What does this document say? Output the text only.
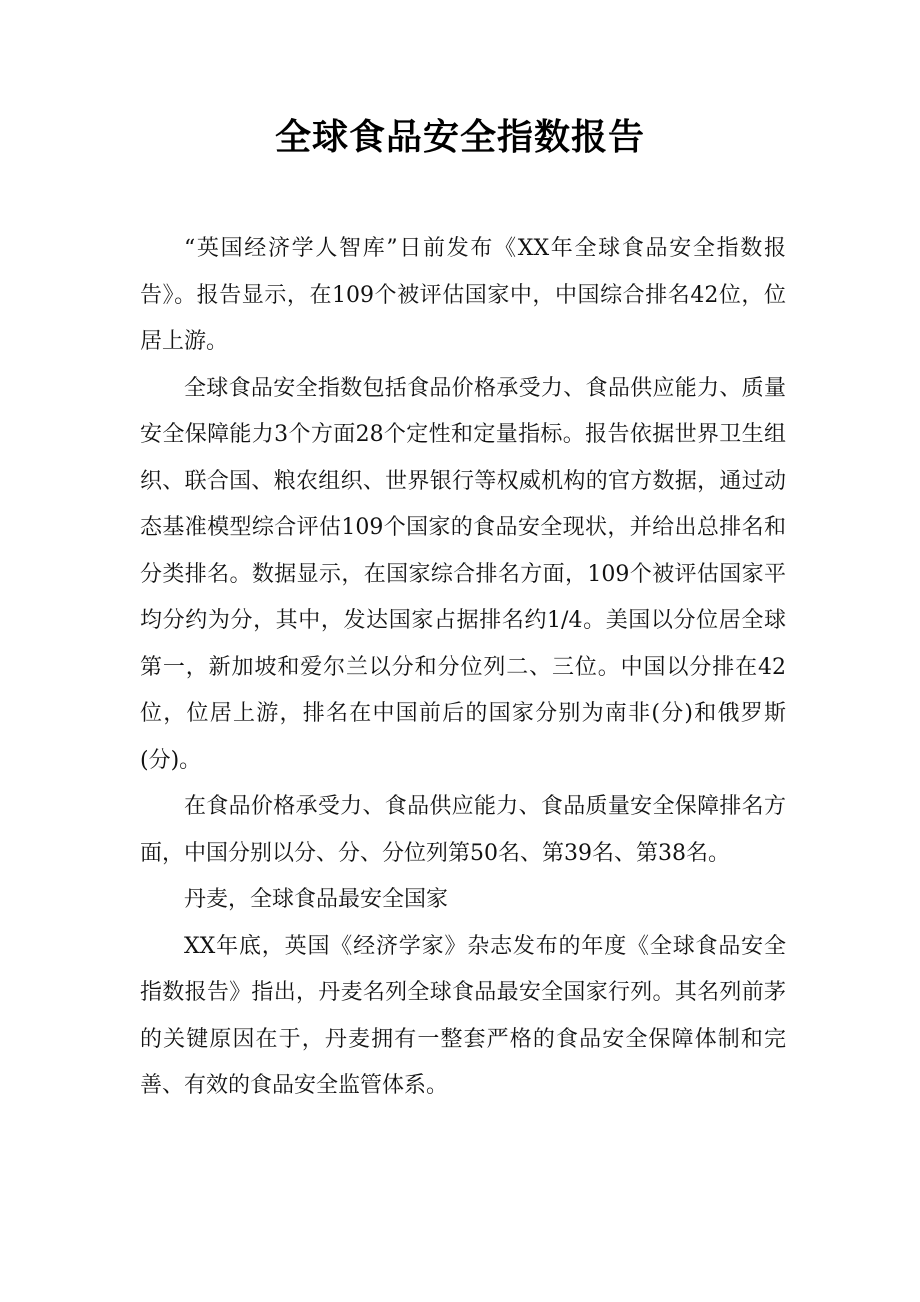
全球食品安全指数报告

“英国经济学人智库”日前发布《XX年全球食品安全指数报告》。报告显示，在109个被评估国家中，中国综合排名42位，位居上游。

全球食品安全指数包括食品价格承受力、食品供应能力、质量安全保障能力3个方面28个定性和定量指标。报告依据世界卫生组织、联合国、粮农组织、世界银行等权威机构的官方数据，通过动态基准模型综合评估109个国家的食品安全现状，并给出总排名和分类排名。数据显示，在国家综合排名方面，109个被评估国家平均分约为分，其中，发达国家占据排名约1/4。美国以分位居全球第一，新加坡和爱尔兰以分和分位列二、三位。中国以分排在42位，位居上游，排名在中国前后的国家分别为南非(分)和俄罗斯(分)。

在食品价格承受力、食品供应能力、食品质量安全保障排名方面，中国分别以分、分、分位列第50名、第39名、第38名。

丹麦，全球食品最安全国家

XX年底，英国《经济学家》杂志发布的年度《全球食品安全指数报告》指出，丹麦名列全球食品最安全国家行列。其名列前茅的关键原因在于，丹麦拥有一整套严格的食品安全保障体制和完善、有效的食品安全监管体系。
